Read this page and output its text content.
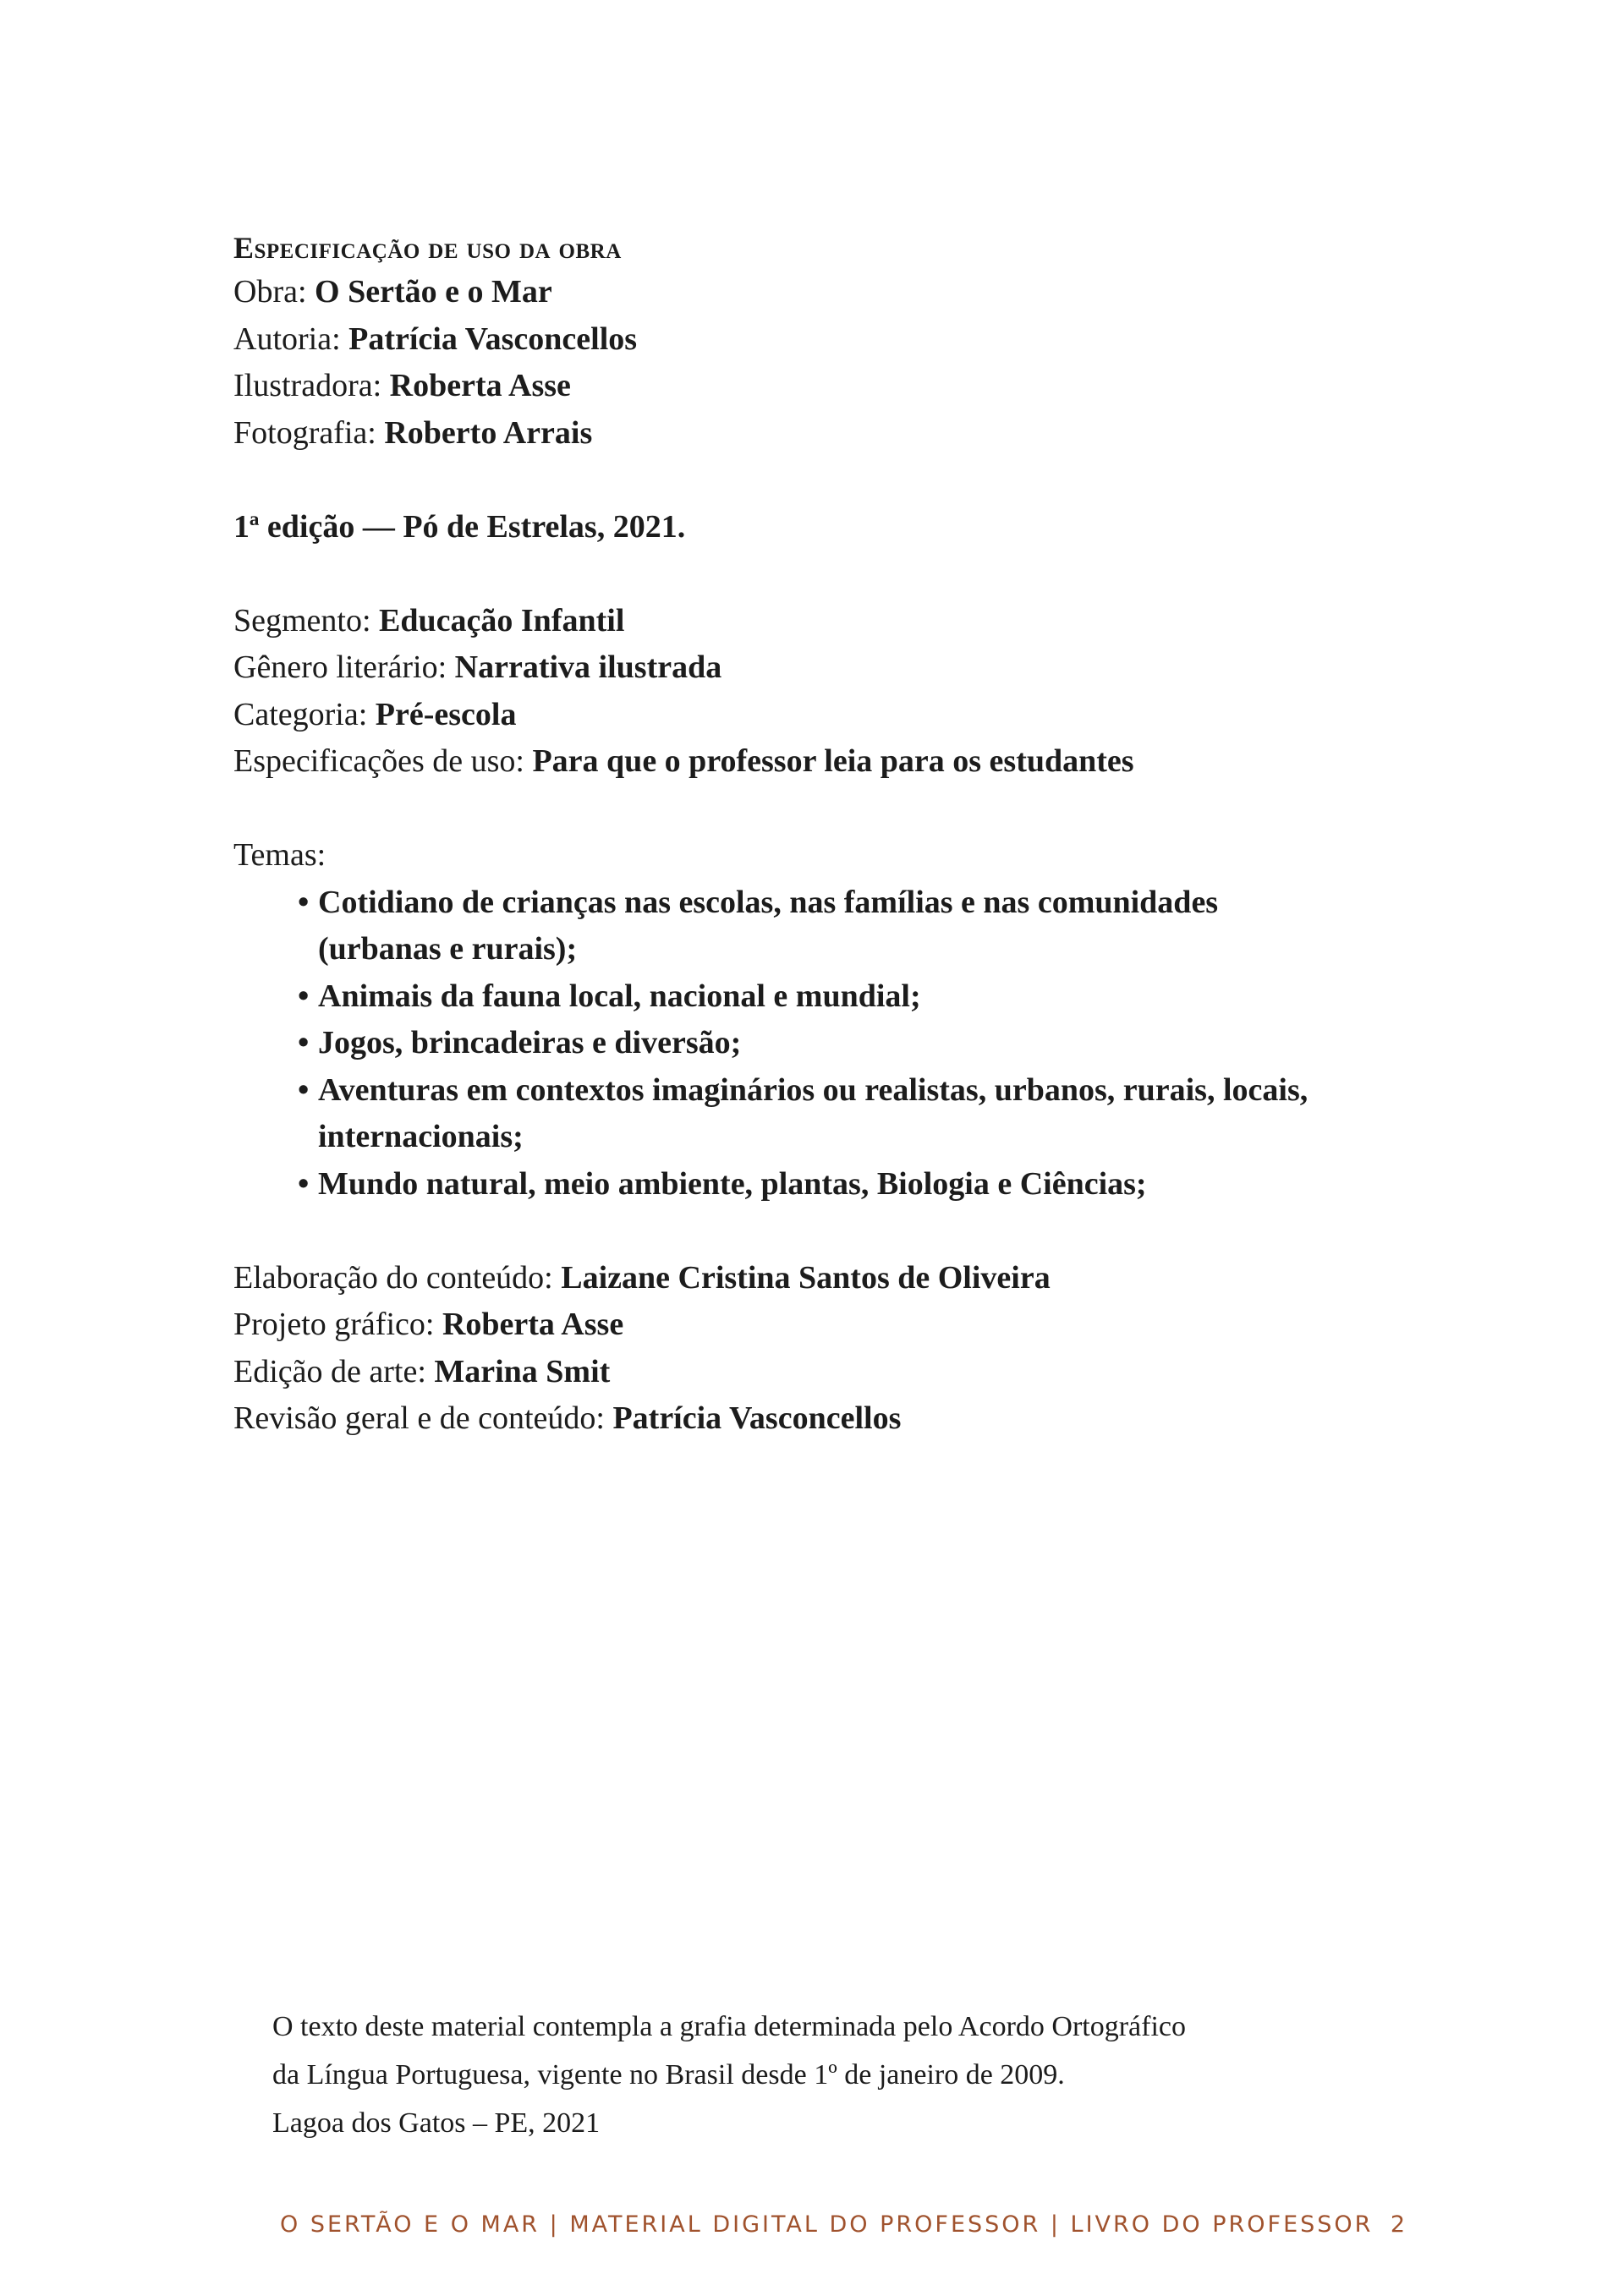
Especificação de uso da obra
Obra: O Sertão e o Mar
Autoria: Patrícia Vasconcellos
Ilustradora: Roberta Asse
Fotografia: Roberto Arrais
1ª edição — Pó de Estrelas, 2021.
Segmento: Educação Infantil
Gênero literário: Narrativa ilustrada
Categoria: Pré-escola
Especificações de uso: Para que o professor leia para os estudantes
Temas:
• Cotidiano de crianças nas escolas, nas famílias e nas comunidades
(urbanas e rurais);
• Animais da fauna local, nacional e mundial;
• Jogos, brincadeiras e diversão;
• Aventuras em contextos imaginários ou realistas, urbanos, rurais, locais,
internacionais;
• Mundo natural, meio ambiente, plantas, Biologia e Ciências;
Elaboração do conteúdo: Laizane Cristina Santos de Oliveira
Projeto gráfico: Roberta Asse
Edição de arte: Marina Smit
Revisão geral e de conteúdo: Patrícia Vasconcellos
O texto deste material contempla a grafia determinada pelo Acordo Ortográfico
da Língua Portuguesa, vigente no Brasil desde 1º de janeiro de 2009.
Lagoa dos Gatos – PE, 2021
O SERTÃO E O MAR | MATERIAL DIGITAL DO PROFESSOR | LIVRO DO PROFESSOR 2
